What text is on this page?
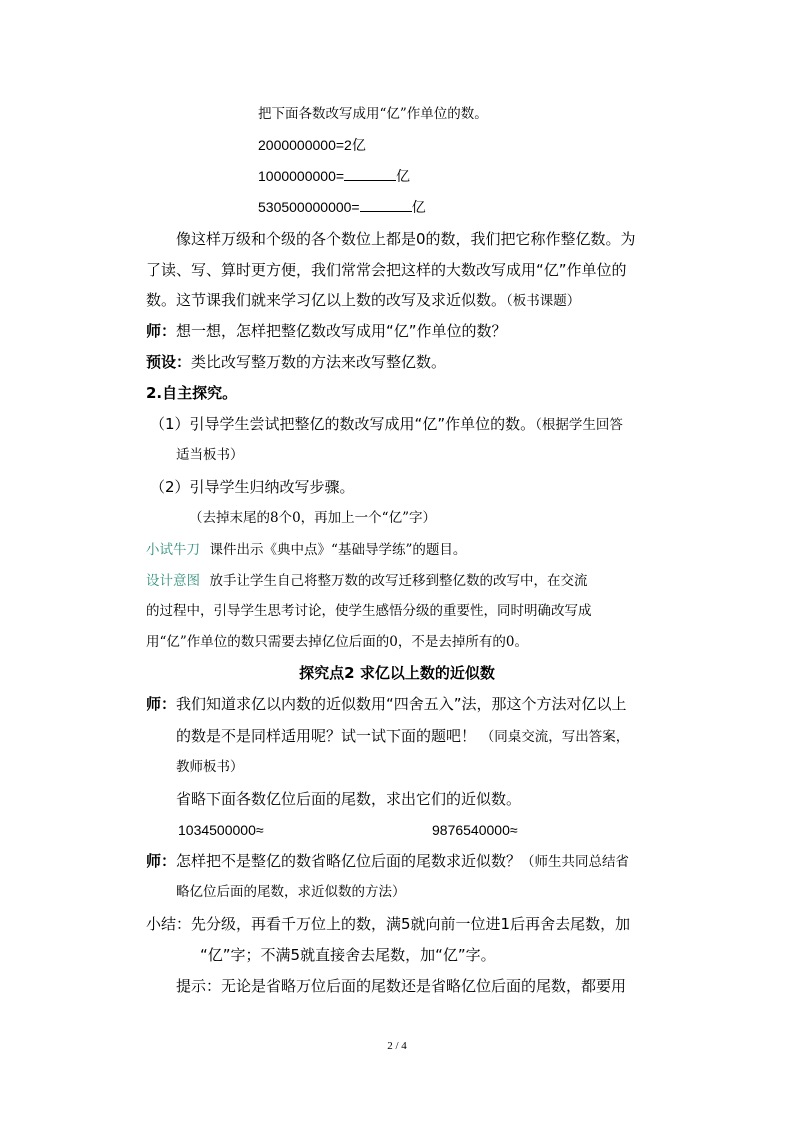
把下面各数改写成用“亿”作单位的数。
2000000000=2亿
1000000000=	亿
530500000000=	亿
像这样万级和个级的各个数位上都是0的数，我们把它称作整亿数。为
了读、写、算时更方便，我们常常会把这样的大数改写成用“亿”作单位的
数。这节课我们就来学习亿以上数的改写及求近似数。（板书课题）
师：想一想，怎样把整亿数改写成用“亿”作单位的数？
预设：类比改写整万数的方法来改写整亿数。
2.自主探究。
（1）引导学生尝试把整亿的数改写成用“亿”作单位的数。（根据学生回答
适当板书）
（2）引导学生归纳改写步骤。
（去掉末尾的8个0，再加上一个“亿”字）
小试牛刀 课件出示《典中点》“基础导学练”的题目。
设计意图 放手让学生自己将整万数的改写迁移到整亿数的改写中，在交流
的过程中，引导学生思考讨论，使学生感悟分级的重要性，同时明确改写成
用“亿”作单位的数只需要去掉亿位后面的0，不是去掉所有的0。
探究点2 求亿以上数的近似数
师：我们知道求亿以内数的近似数用“四舍五入”法，那这个方法对亿以上
的数是不是同样适用呢？试一试下面的题吧！ （同桌交流，写出答案，
教师板书）
省略下面各数亿位后面的尾数，求出它们的近似数。
1034500000≈	9876540000≈
师：怎样把不是整亿的数省略亿位后面的尾数求近似数？（师生共同总结省
略亿位后面的尾数，求近似数的方法）
小结：先分级，再看千万位上的数，满5就向前一位进1后再舍去尾数，加
“亿”字；不满5就直接舍去尾数，加“亿”字。
提示：无论是省略万位后面的尾数还是省略亿位后面的尾数，都要用
2 / 4
